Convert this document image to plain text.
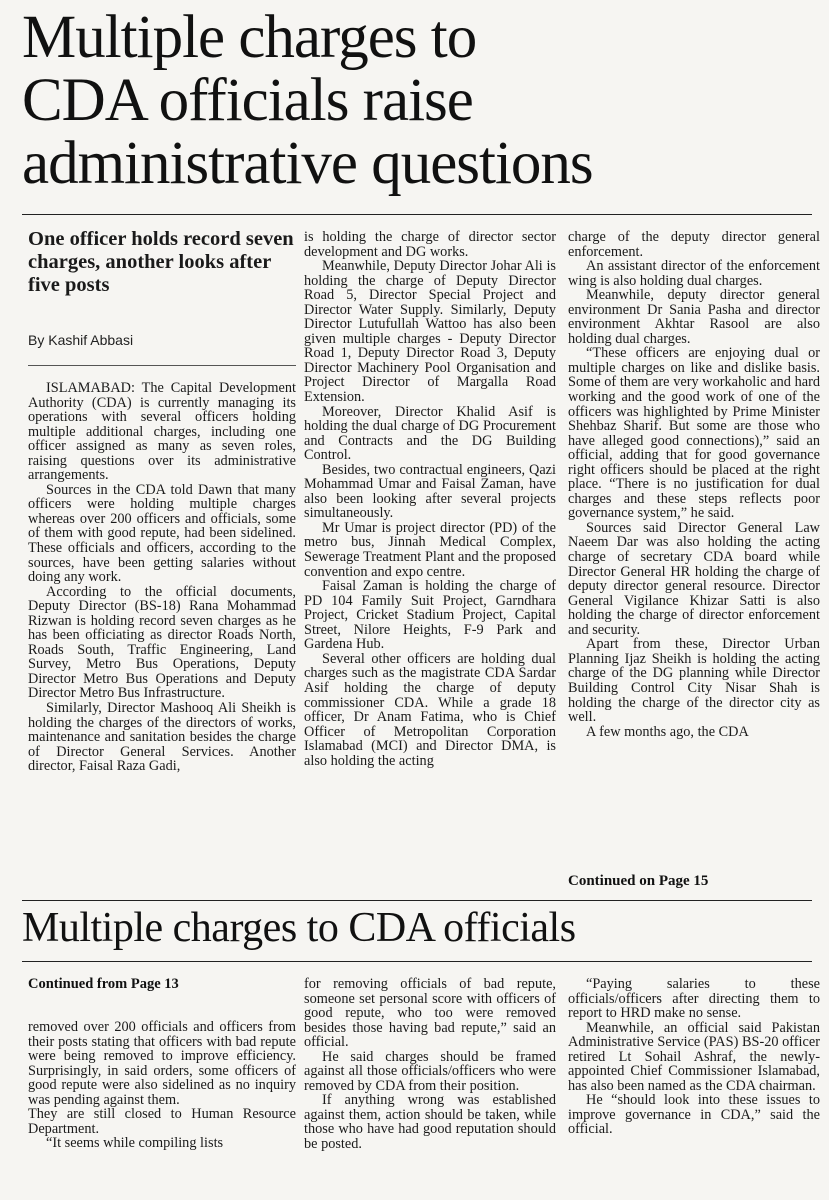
Multiple charges to
CDA officials raise
administrative questions
One officer holds record seven charges, another looks after five posts
By Kashif Abbasi

ISLAMABAD: The Capital Development Authority (CDA) is currently managing its operations with several officers holding multiple additional charges, including one officer assigned as many as seven roles, raising questions over its administrative arrangements.

Sources in the CDA told Dawn that many officers were holding multiple charges whereas over 200 officers and officials, some of them with good repute, had been sidelined. These officials and officers, according to the sources, have been getting salaries without doing any work.

According to the official documents, Deputy Director (BS-18) Rana Mohammad Rizwan is holding record seven charges as he has been officiating as director Roads North, Roads South, Traffic Engineering, Land Survey, Metro Bus Operations, Deputy Director Metro Bus Operations and Deputy Director Metro Bus Infrastructure.

Similarly, Director Mashooq Ali Sheikh is holding the charges of the directors of works, maintenance and sanitation besides the charge of Director General Services. Another director, Faisal Raza Gadi,

is holding the charge of director sector development and DG works.

Meanwhile, Deputy Director Johar Ali is holding the charge of Deputy Director Road 5, Director Special Project and Director Water Supply. Similarly, Deputy Director Lutufullah Wattoo has also been given multiple charges - Deputy Director Road 1, Deputy Director Road 3, Deputy Director Machinery Pool Organisation and Project Director of Margalla Road Extension.

Moreover, Director Khalid Asif is holding the dual charge of DG Procurement and Contracts and the DG Building Control.

Besides, two contractual engineers, Qazi Mohammad Umar and Faisal Zaman, have also been looking after several projects simultaneously.

Mr Umar is project director (PD) of the metro bus, Jinnah Medical Complex, Sewerage Treatment Plant and the proposed convention and expo centre.

Faisal Zaman is holding the charge of PD 104 Family Suit Project, Garndhara Project, Cricket Stadium Project, Capital Street, Nilore Heights, F-9 Park and Gardena Hub.

Several other officers are holding dual charges such as the magistrate CDA Sardar Asif holding the charge of deputy commissioner CDA. While a grade 18 officer, Dr Anam Fatima, who is Chief Officer of Metropolitan Corporation Islamabad (MCI) and Director DMA, is also holding the acting

charge of the deputy director general enforcement.

An assistant director of the enforcement wing is also holding dual charges.

Meanwhile, deputy director general environment Dr Sania Pasha and director environment Akhtar Rasool are also holding dual charges.

“These officers are enjoying dual or multiple charges on like and dislike basis. Some of them are very workaholic and hard working and the good work of one of the officers was highlighted by Prime Minister Shehbaz Sharif. But some are those who have alleged good connections),” said an official, adding that for good governance right officers should be placed at the right place. “There is no justification for dual charges and these steps reflects poor governance system,” he said.

Sources said Director General Law Naeem Dar was also holding the acting charge of secretary CDA board while Director General HR holding the charge of deputy director general resource. Director General Vigilance Khizar Satti is also holding the charge of director enforcement and security.

Apart from these, Director Urban Planning Ijaz Sheikh is holding the acting charge of the DG planning while Director Building Control City Nisar Shah is holding the charge of the director city as well.

A few months ago, the CDA

Continued on Page 15
Multiple charges to CDA officials
Continued from Page 13

removed over 200 officials and officers from their posts stating that officers with bad repute were being removed to improve efficiency. Surprisingly, in said orders, some officers of good repute were also sidelined as no inquiry was pending against them.

They are still closed to Human Resource Department.

“It seems while compiling lists

for removing officials of bad repute, someone set personal score with officers of good repute, who too were removed besides those having bad repute,” said an official.

He said charges should be framed against all those officials/officers who were removed by CDA from their position.

If anything wrong was established against them, action should be taken, while those who have had good reputation should be posted.

“Paying salaries to these officials/officers after directing them to report to HRD make no sense.

Meanwhile, an official said Pakistan Administrative Service (PAS) BS-20 officer retired Lt Sohail Ashraf, the newly-appointed Chief Commissioner Islamabad, has also been named as the CDA chairman.

He “should look into these issues to improve governance in CDA,” said the official.
